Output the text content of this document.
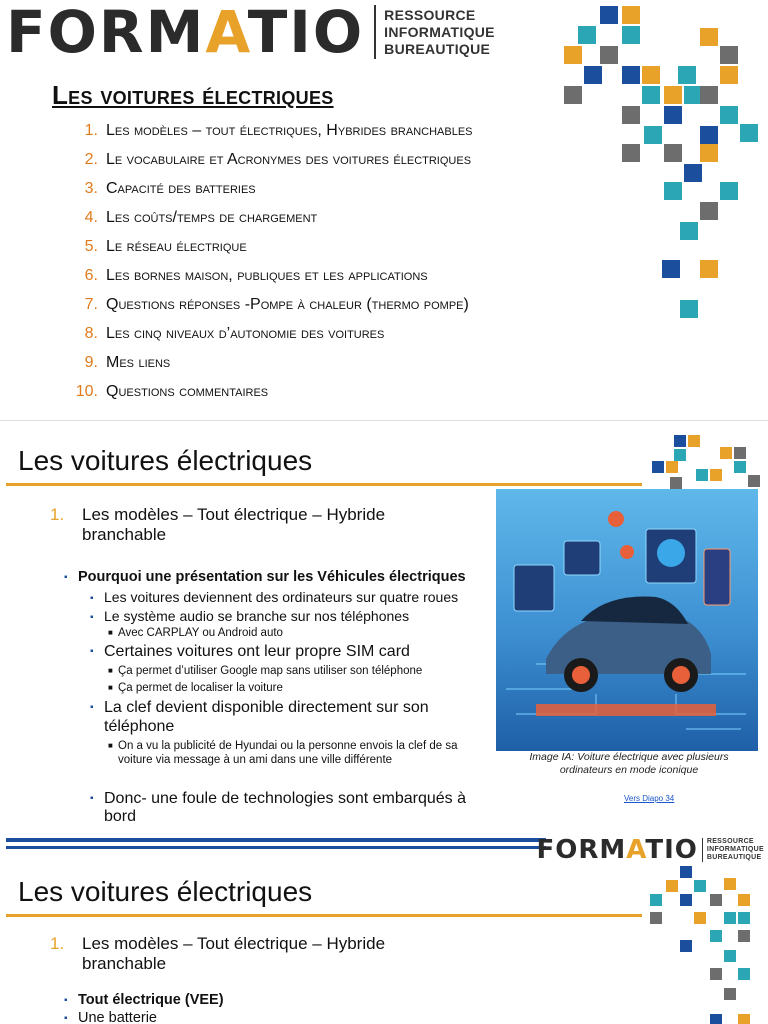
FORMATIO RESSOURCE
INFORMATIQUE
BUREAUTIQUE
Les voitures électriques
1. Les modèles – tout électriques, Hybrides branchables
2. Le vocabulaire et Acronymes des voitures électriques
3. Capacité des batteries
4. Les coûts/temps de chargement
5. Le réseau électrique
6. Les bornes maison, publiques et les applications
7. Questions réponses -Pompe à chaleur (thermo pompe)
8. Les cinq niveaux d’autonomie des voitures
9. Mes liens
10. Questions commentaires
Les voitures électriques
1.	Les modèles – Tout électrique – Hybride
branchable
▪ Pourquoi une présentation sur les Véhicules électriques
▪ Les voitures deviennent des ordinateurs sur quatre roues
▪ Le système audio se branche sur nos téléphones
■ Avec CARPLAY ou Android auto
▪ Certaines voitures ont leur propre SIM card
■ Ça permet d’utiliser Google map sans utiliser son téléphone
■ Ça permet de localiser la voiture
▪ La clef devient disponible directement sur son
téléphone
■ On a vu la publicité de Hyundai ou la personne envois la clef de sa
voiture via message à un ami dans une ville différente
▪ Donc- une foule de technologies sont embarqués à
bord
Image IA: Voiture électrique avec plusieurs
ordinateurs en mode iconique
Vers Diapo 34
FORMATIO RESSOURCE
INFORMATIQUE
BUREAUTIQUE
Les voitures électriques
1.	Les modèles – Tout électrique – Hybride
branchable
▪ Tout électrique (VEE)
▪ Une batterie
